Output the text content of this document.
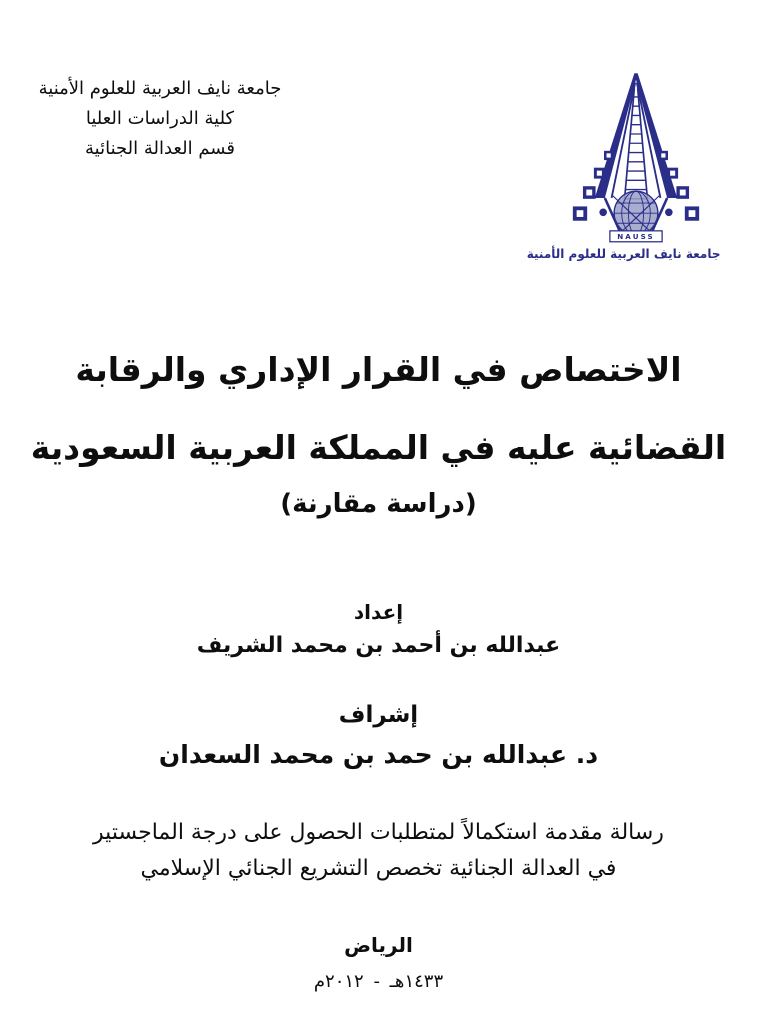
جامعة نايف العربية للعلوم الأمنية
كلية الدراسات العليا
قسم العدالة الجنائية
NAUSS
جامعة نايف العربية للعلوم الأمنية
الاختصاص في القرار الإداري والرقابة
القضائية عليه في المملكة العربية السعودية
(دراسة مقارنة)
إعداد
عبدالله بن أحمد بن محمد الشريف
إشراف
د. عبدالله بن حمد بن محمد السعدان
رسالة مقدمة استكمالاً لمتطلبات الحصول على درجة الماجستير
في العدالة الجنائية تخصص التشريع الجنائي الإسلامي
الرياض
١٤٣٣هـ - ٢٠١٢م
